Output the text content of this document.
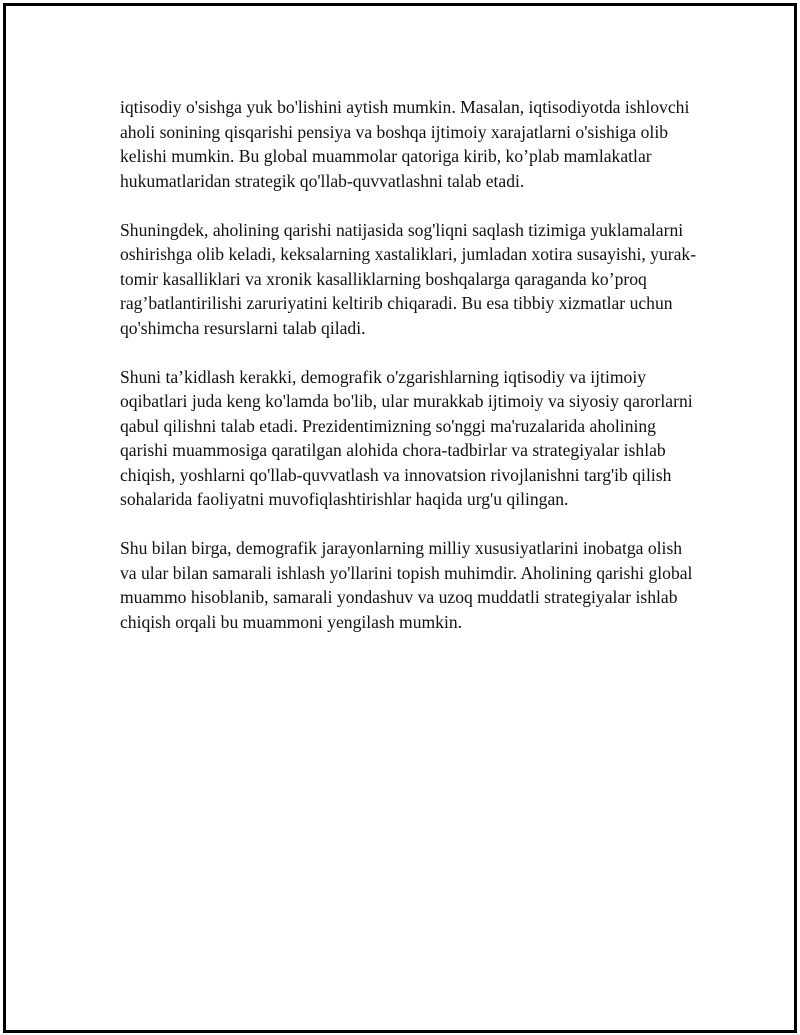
iqtisodiy o'sishga yuk bo'lishini aytish mumkin. Masalan, iqtisodiyotda ishlovchi aholi sonining qisqarishi pensiya va boshqa ijtimoiy xarajatlarni o'sishiga olib kelishi mumkin. Bu global muammolar qatoriga kirib, ko’plab mamlakatlar hukumatlaridan strategik qo'llab-quvvatlashni talab etadi.

Shuningdek, aholining qarishi natijasida sog'liqni saqlash tizimiga yuklamalarni oshirishga olib keladi, keksalarning xastaliklari, jumladan xotira susayishi, yurak-tomir kasalliklari va xronik kasalliklarning boshqalarga qaraganda ko’proq rag’batlantirilishi zaruriyatini keltirib chiqaradi. Bu esa tibbiy xizmatlar uchun qo'shimcha resurslarni talab qiladi.

Shuni ta’kidlash kerakki, demografik o'zgarishlarning iqtisodiy va ijtimoiy oqibatlari juda keng ko'lamda bo'lib, ular murakkab ijtimoiy va siyosiy qarorlarni qabul qilishni talab etadi. Prezidentimizning so'nggi ma'ruzalarida aholining qarishi muammosiga qaratilgan alohida chora-tadbirlar va strategiyalar ishlab chiqish, yoshlarni qo'llab-quvvatlash va innovatsion rivojlanishni targ'ib qilish sohalarida faoliyatni muvofiqlashtirishlar haqida urg'u qilingan.

Shu bilan birga, demografik jarayonlarning milliy xususiyatlarini inobatga olish va ular bilan samarali ishlash yo'llarini topish muhimdir. Aholining qarishi global muammo hisoblanib, samarali yondashuv va uzoq muddatli strategiyalar ishlab chiqish orqali bu muammoni yengilash mumkin.
